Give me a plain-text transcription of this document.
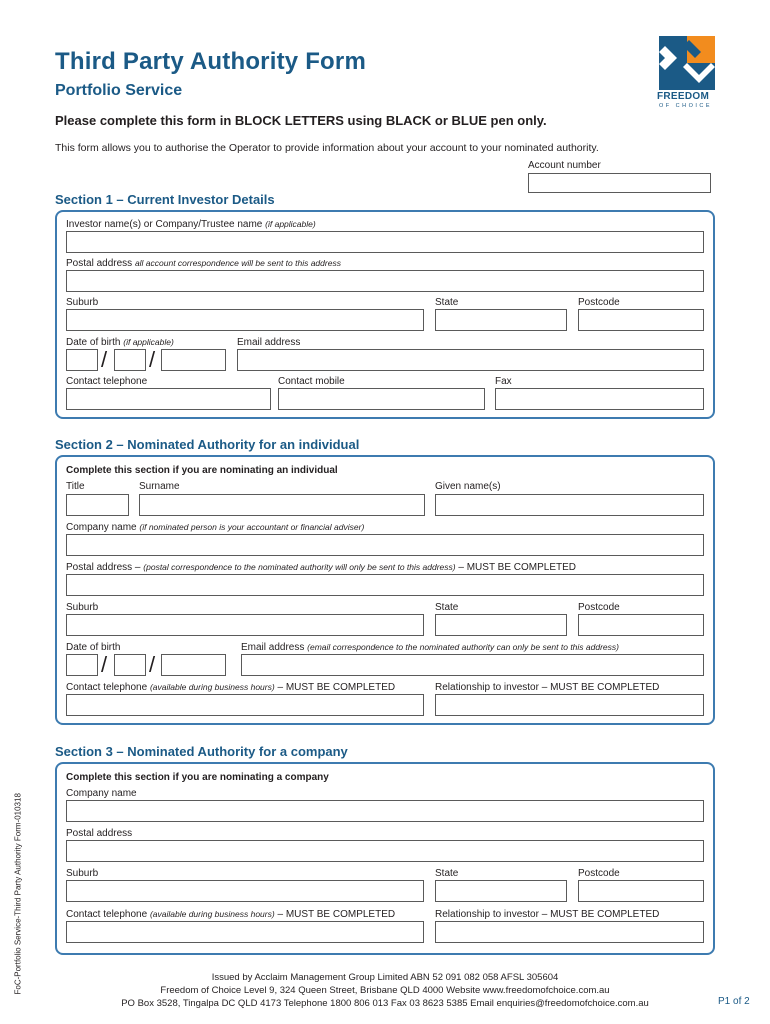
Third Party Authority Form
Portfolio Service	FREEDOM
OF CHOICE
Please complete this form in BLOCK LETTERS using BLACK or BLUE pen only.
This form allows you to authorise the Operator to provide information about your account to your nominated authority.
Account number
Section 1 – Current Investor Details
Investor name(s) or Company/Trustee name (if applicable)
Postal address all account correspondence will be sent to this address
Suburb	State	Postcode
Date of birth (if applicable)	Email address
/ /
Contact telephone	Contact mobile	Fax
Section 2 – Nominated Authority for an individual
Complete this section if you are nominating an individual
Title	Surname	Given name(s)
Company name (if nominated person is your accountant or financial adviser)
Postal address – (postal correspondence to the nominated authority will only be sent to this address) – MUST BE COMPLETED
Suburb	State	Postcode
Date of birth	Email address (email correspondence to the nominated authority can only be sent to this address)
/ /
Contact telephone (available during business hours) – MUST BE COMPLETED	Relationship to investor – MUST BE COMPLETED
Section 3 – Nominated Authority for a company
Complete this section if you are nominating a company
Company name
Postal address
Suburb	State	Postcode
Contact telephone (available during business hours) – MUST BE COMPLETED	Relationship to investor – MUST BE COMPLETED
Issued by Acclaim Management Group Limited ABN 52 091 082 058 AFSL 305604
Freedom of Choice Level 9, 324 Queen Street, Brisbane QLD 4000 Website www.freedomofchoice.com.au
PO Box 3528, Tingalpa DC QLD 4173 Telephone 1800 806 013 Fax 03 8623 5385 Email enquiries@freedomofchoice.com.au	P1 of 2
FoC-Portfolio Service-Third Party Authority Form-010318
